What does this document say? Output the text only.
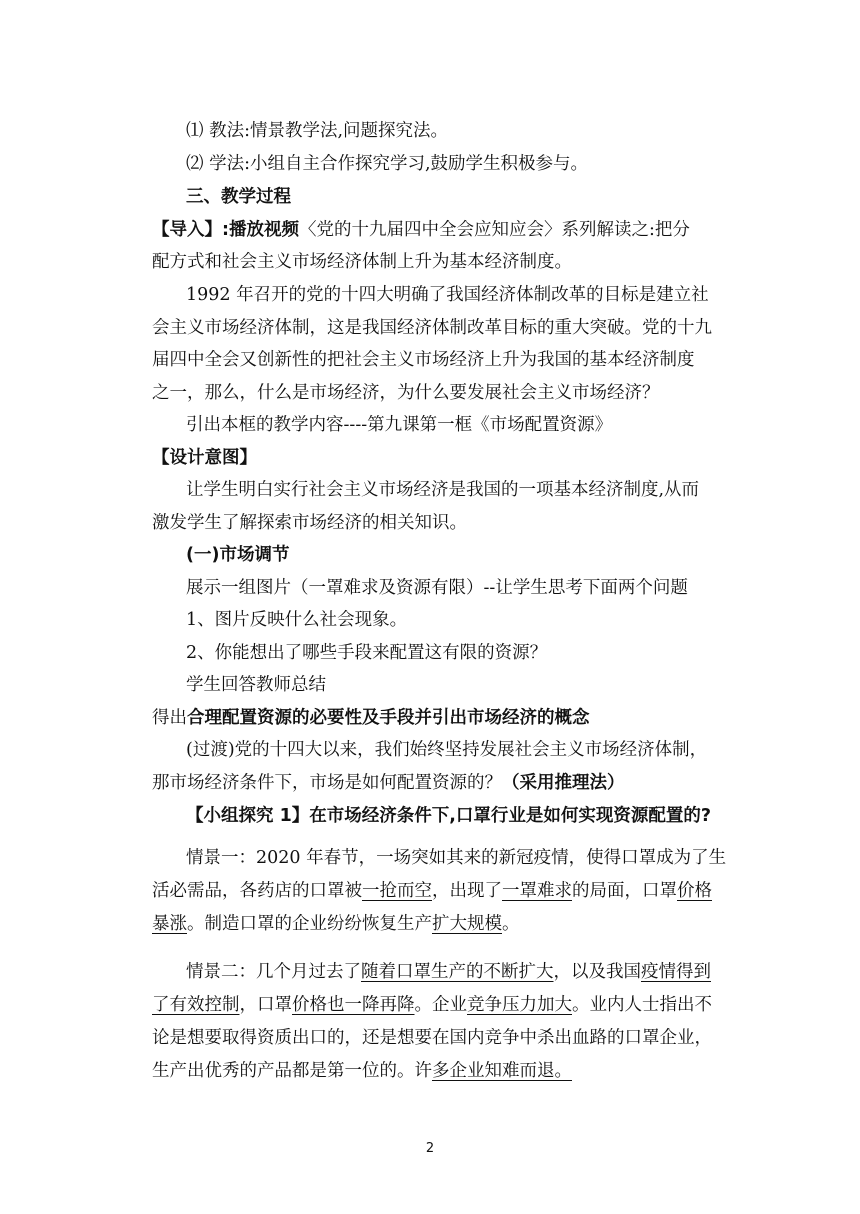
⑴ 教法:情景教学法,问题探究法。
⑵ 学法:小组自主合作探究学习,鼓励学生积极参与。
三、教学过程
【导入】:播放视频〈党的十九届四中全会应知应会〉系列解读之:把分
配方式和社会主义市场经济体制上升为基本经济制度。
1992 年召开的党的十四大明确了我国经济体制改革的目标是建立社
会主义市场经济体制，这是我国经济体制改革目标的重大突破。党的十九
届四中全会又创新性的把社会主义市场经济上升为我国的基本经济制度
之一，那么，什么是市场经济，为什么要发展社会主义市场经济？
引出本框的教学内容----第九课第一框《市场配置资源》
【设计意图】
让学生明白实行社会主义市场经济是我国的一项基本经济制度,从而
激发学生了解探索市场经济的相关知识。
(一)市场调节
展示一组图片（一罩难求及资源有限）--让学生思考下面两个问题
1、图片反映什么社会现象。
2、你能想出了哪些手段来配置这有限的资源？
学生回答教师总结
得出合理配置资源的必要性及手段并引出市场经济的概念
(过渡)党的十四大以来，我们始终坚持发展社会主义市场经济体制，
那市场经济条件下，市场是如何配置资源的？（采用推理法）
【小组探究 1】在市场经济条件下,口罩行业是如何实现资源配置的?
情景一：2020 年春节，一场突如其来的新冠疫情，使得口罩成为了生
活必需品，各药店的口罩被一抢而空，出现了一罩难求的局面，口罩价格
暴涨。制造口罩的企业纷纷恢复生产扩大规模。
情景二：几个月过去了随着口罩生产的不断扩大，以及我国疫情得到
了有效控制，口罩价格也一降再降。企业竞争压力加大。业内人士指出不
论是想要取得资质出口的，还是想要在国内竞争中杀出血路的口罩企业，
生产出优秀的产品都是第一位的。许多企业知难而退。
2
